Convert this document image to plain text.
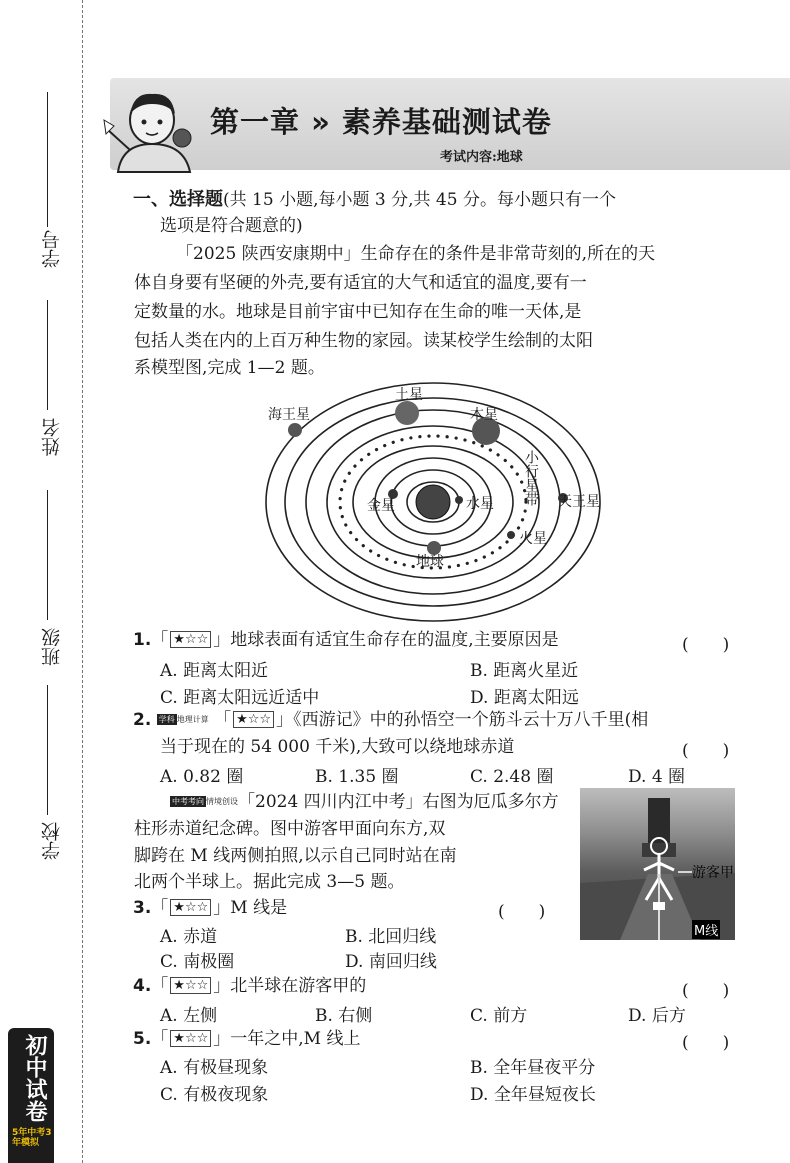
学号
姓名
班级
学校
第一章 » 素养基础测试卷
考试内容:地球
一、选择题(共 15 小题,每小题 3 分,共 45 分。每小题只有一个
选项是符合题意的)
「2025 陕西安康期中」生命存在的条件是非常苛刻的,所在的天
体自身要有坚硬的外壳,要有适宜的大气和适宜的温度,要有一
定数量的水。地球是目前宇宙中已知存在生命的唯一天体,是
包括人类在内的上百万种生物的家园。读某校学生绘制的太阳
系模型图,完成 1—2 题。
海王星
土星
木星
小行星带 天王星
金星	水星
火星
地球
1.「 ★☆☆ 」地球表面有适宜生命存在的温度,主要原因是	(　　)
A. 距离太阳近	B. 距离火星近
C. 距离太阳远近适中	D. 距离太阳远
2. 学科 地理计算 「 ★☆☆ 」《西游记》中的孙悟空一个筋斗云十万八千里(相
当于现在的 54 000 千米),大致可以绕地球赤道	(　　)
A. 0.82 圈	B. 1.35 圈	C. 2.48 圈	D. 4 圈
中考考向 情境创设「2024 四川内江中考」右图为厄瓜多尔方
柱形赤道纪念碑。图中游客甲面向东方,双
脚跨在 M 线两侧拍照,以示自己同时站在南
北两个半球上。据此完成 3—5 题。	游客甲
M线
3.「 ★☆☆ 」M 线是	(　　)
A. 赤道	B. 北回归线
C. 南极圈	D. 南回归线
4.「 ★☆☆ 」北半球在游客甲的	(　　)
A. 左侧	B. 右侧	C. 前方	D. 后方
5.「 ★☆☆ 」一年之中,M 线上	(　　)
A. 有极昼现象	B. 全年昼夜平分
C. 有极夜现象	D. 全年昼短夜长
初中试卷
5年中考3年模拟
